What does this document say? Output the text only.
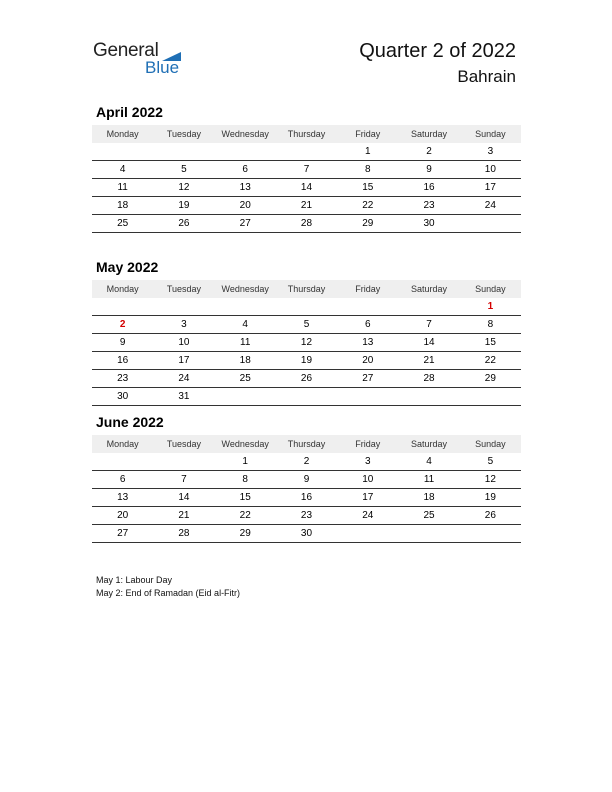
General
Blue
Quarter 2 of 2022
Bahrain
April 2022
Monday	Tuesday	Wednesday	Thursday	Friday	Saturday	Sunday
				1	2	3
4	5	6	7	8	9	10
11	12	13	14	15	16	17
18	19	20	21	22	23	24
25	26	27	28	29	30	
May 2022
Monday	Tuesday	Wednesday	Thursday	Friday	Saturday	Sunday
						1
2	3	4	5	6	7	8
9	10	11	12	13	14	15
16	17	18	19	20	21	22
23	24	25	26	27	28	29
30	31					
June 2022
Monday	Tuesday	Wednesday	Thursday	Friday	Saturday	Sunday
		1	2	3	4	5
6	7	8	9	10	11	12
13	14	15	16	17	18	19
20	21	22	23	24	25	26
27	28	29	30			
May 1: Labour Day
May 2: End of Ramadan (Eid al-Fitr)
